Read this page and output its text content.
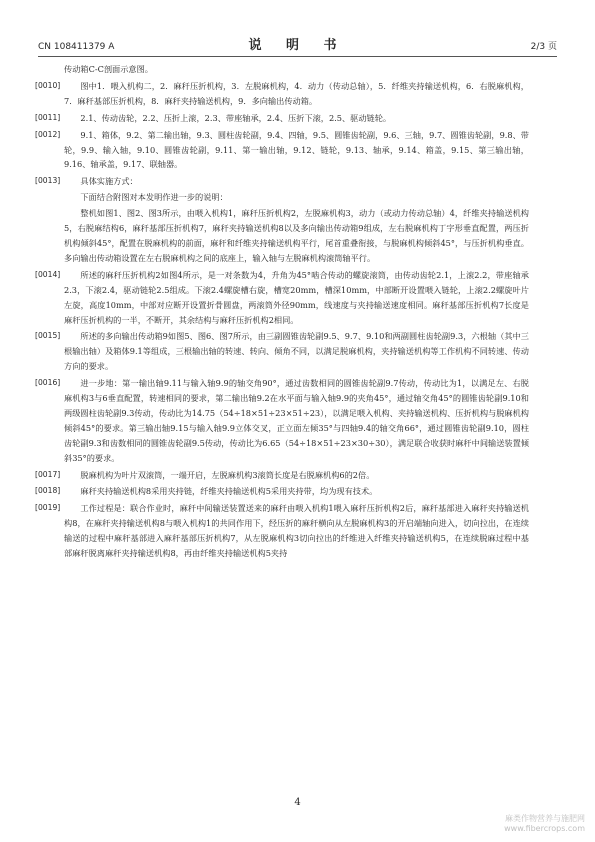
CN 108411379 A	说 明 书	2/3 页
传动箱C-C剖面示意图。
[0010]	图中1．喂入机构二，2．麻秆压折机构，3．左脱麻机构，4．动力（传动总轴），5．纤维夹持输送机构，6．右脱麻机构，7．麻秆基部压折机构，8．麻秆夹持输送机构，9．多向输出传动箱。
[0011]	2.1、传动齿轮，2.2、压折上滚，2.3、带座轴承，2.4、压折下滚，2.5、驱动链轮。
[0012]	9.1、箱体，9.2、第二输出轴，9.3、圆柱齿轮副，9.4、四轴，9.5、圆锥齿轮副，9.6、三轴，9.7、圆锥齿轮副，9.8、带轮，9.9、输入轴，9.10、圆锥齿轮副，9.11、第一输出轴，9.12、链轮，9.13、轴承，9.14、箱盖，9.15、第三输出轴，9.16、轴承盖，9.17、联轴器。
[0013]	具体实施方式：
下面结合附图对本发明作进一步的说明：
整机如图1、图2、图3所示，由喂入机构1，麻秆压折机构2，左脱麻机构3，动力（或动力传动总轴）4，纤维夹持输送机构5，右脱麻结构6，麻秆基部压折机构7，麻秆夹持输送机构8以及多向输出传动箱9组成，左右脱麻机构丁字形垂直配置，两压折机构倾斜45°，配置在脱麻机构的前面，麻秆和纤维夹持输送机构平行，尾首重叠衔接，与脱麻机构倾斜45°，与压折机构垂直。多向输出传动箱设置在左右脱麻机构之间的底座上，输入轴与左脱麻机构滚筒轴平行。
[0014]	所述的麻秆压折机构2如图4所示，是一对条数为4，升角为45°啮合传动的螺旋滚筒，由传动齿轮2.1，上滚2.2，带座轴承2.3，下滚2.4，驱动链轮2.5组成。下滚2.4螺旋槽右旋，槽宽20mm，槽深10mm，中部断开设置喂入链轮，上滚2.2螺旋叶片左旋，高度10mm，中部对应断开设置折骨圆盘，两滚筒外径90mm，线速度与夹持输送速度相同。麻秆基部压折机构7长度是麻秆压折机构的一半，不断开，其余结构与麻秆压折机构2相同。
[0015]	所述的多向输出传动箱9如图5、图6、图7所示，由三副圆锥齿轮副9.5、9.7、9.10和两副圆柱齿轮副9.3，六根轴（其中三根输出轴）及箱体9.1等组成，三根输出轴的转速、转向、倾角不同，以满足脱麻机构，夹持输送机构等工作机构不同转速、传动方向的要求。
[0016]	进一步地：第一输出轴9.11与输入轴9.9的轴交角90°，通过齿数相同的圆锥齿轮副9.7传动，传动比为1，以满足左、右脱麻机构3与6垂直配置，转速相同的要求，第二输出轴9.2在水平面与输入轴9.9的夹角45°，通过轴交角45°的圆锥齿轮副9.10和两级圆柱齿轮副9.3传动，传动比为14.75（54÷18×51÷23×51÷23），以满足喂入机构、夹持输送机构、压折机构与脱麻机构倾斜45°的要求。第三输出轴9.15与输入轴9.9立体交叉，正立面左倾35°与四轴9.4的轴交角66°，通过圆锥齿轮副9.10，圆柱齿轮副9.3和齿数相同的圆锥齿轮副9.5传动，传动比为6.65（54÷18×51÷23×30÷30），满足联合收获时麻秆中间输送装置倾斜35°的要求。
[0017]	脱麻机构为叶片双滚筒，一端开启，左脱麻机构3滚筒长度是右脱麻机构6的2倍。
[0018]	麻秆夹持输送机构8采用夹持链，纤维夹持输送机构5采用夹持带，均为现有技术。
[0019]	工作过程是：联合作业时，麻秆中间输送装置送来的麻秆由喂入机构1喂入麻秆压折机构2后，麻秆基部进入麻秆夹持输送机构8，在麻秆夹持输送机构8与喂入机构1的共同作用下，经压折的麻秆横向从左脱麻机构3的开启端轴向进入，切向拉出，在连续输送的过程中麻秆基部进入麻秆基部压折机构7，从左脱麻机构3切向拉出的纤维进入纤维夹持输送机构5，在连续脱麻过程中基部麻秆脱离麻秆夹持输送机构8，再由纤维夹持输送机构5夹持
4
麻类作物营养与施肥网
www.fibercrops.com
